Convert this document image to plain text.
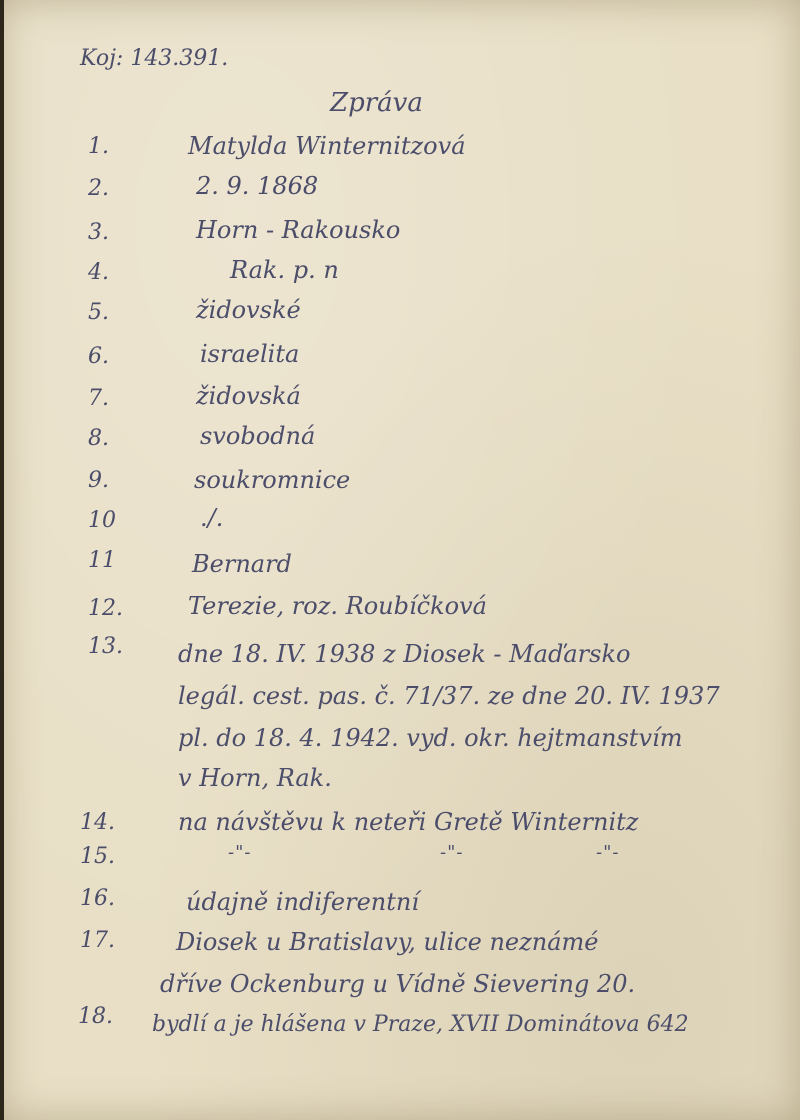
Koj: 143.391.
Zpráva
1.	Matylda Winternitzová
2.	2. 9. 1868
3.	Horn - Rakousko
4.	Rak. p. n
5.	židovské
6.	israelita
7.	židovská
8.	svobodná
9.	soukromnice
10	./.
11	Bernard
12.	Terezie, roz. Roubíčková
13. dne 18. IV. 1938 z Diosek - Maďarsko
legál. cest. pas. č. 71/37. ze dne 20. IV. 1937
pl. do 18. 4. 1942. vyd. okr. hejtmanstvím
v Horn, Rak.
14.	na návštěvu k neteři Gretě Winternitz
15.	-"-	-"-	-"-
16.	údajně indiferentní
17.	Diosek u Bratislavy, ulice neznámé
dříve Ockenburg u Vídně Sievering 20.
18. bydlí a je hlášena v Praze, XVII Dominátova 642
